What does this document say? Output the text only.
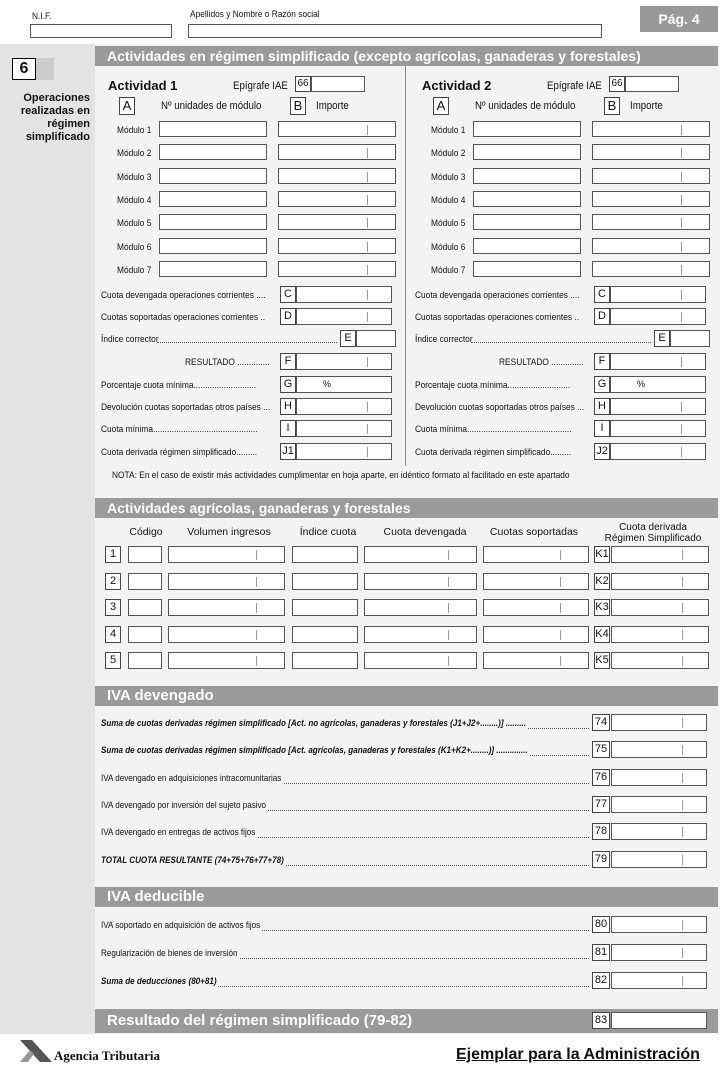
N.I.F.	Apellidos y Nombre o Razón social	Pág. 4
6
Operaciones realizadas en régimen simplificado
Actividades en régimen simplificado (excepto agrícolas, ganaderas y forestales)
Actividad 1	Epígrafe IAE 66
A	Nº unidades de módulo B	Importe
Módulo 1
Módulo 2
Módulo 3
Módulo 4
Módulo 5
Módulo 6
Módulo 7
Cuota devengada operaciones corrientes ....	C
Cuotas soportadas operaciones corrientes ..	D
Índice corrector	E
RESULTADO ..............	F
Porcentaje cuota mínima...........................	G	%
Devolución cuotas soportadas otros países ...	H
Cuota mínima.............................................	I
Cuota derivada régimen simplificado......... J1
Actividad 2	Epígrafe IAE 66
A	Nº unidades de módulo B	Importe
Módulo 1
Módulo 2
Módulo 3
Módulo 4
Módulo 5
Módulo 6
Módulo 7
Cuota devengada operaciones corrientes ....	C
Cuotas soportadas operaciones corrientes ..	D
Índice corrector	E
RESULTADO ..............	F
Porcentaje cuota mínima...........................	G	%
Devolución cuotas soportadas otros países ...	H
Cuota mínima.............................................	I
Cuota derivada régimen simplificado......... J2
NOTA: En el caso de existir más actividades cumplimentar en hoja aparte, en idéntico formato al facilitado en este apartado
Actividades agrícolas, ganaderas y forestales
Código	Volumen ingresos	Índice cuota	Cuota devengada	Cuotas soportadas	Cuota derivada Régimen Simplificado
1	K1
2	K2
3	K3
4	K4
5	K5
IVA devengado
Suma de cuotas derivadas régimen simplificado [Act. no agrícolas, ganaderas y forestales (J1+J2+........)] .........	74
Suma de cuotas derivadas régimen simplificado [Act. agrícolas, ganaderas y forestales (K1+K2+........)] ..............	75
IVA devengado en adquisiciones intracomunitarias	76
IVA devengado por inversión del sujeto pasivo	77
IVA devengado en entregas de activos fijos	78
TOTAL CUOTA RESULTANTE (74+75+76+77+78)	79
IVA deducible
IVA soportado en adquisición de activos fijos	80
Regularización de bienes de inversión	81
Suma de deducciones (80+81)	82
Resultado del régimen simplificado (79-82)	83
Agencia Tributaria	Ejemplar para la Administración
